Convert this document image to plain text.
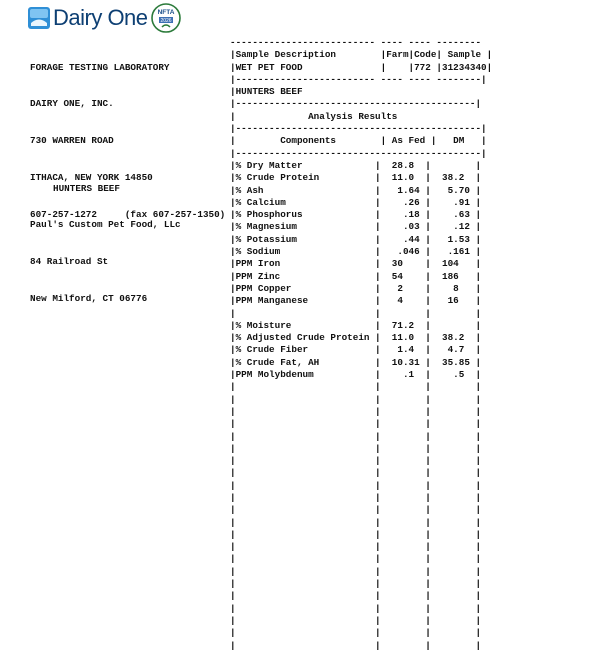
Dairy One NFTA
2026

FORAGE TESTING LABORATORY

DAIRY ONE, INC.

730 WARREN ROAD

ITHACA, NEW YORK 14850

607-257-1272     (fax 607-257-1350)

HUNTERS BEEF

Paul's Custom Pet Food, LLc

84 Railroad St

New Milford, CT 06776

-------------------------- ---- ---- --------
|Sample Description        |Farm|Code| Sample |
|WET PET FOOD              |    |772 |31234340|
|------------------------- ---- ---- --------|
|HUNTERS BEEF
|-------------------------------------------|
|             Analysis Results
|--------------------------------------------|
|        Components        | As Fed |   DM   |
|--------------------------------------------|
|% Dry Matter             |  28.8  |        |
|% Crude Protein          |  11.0  |  38.2  |
|% Ash                    |   1.64 |   5.70 |
|% Calcium                |    .26 |    .91 |
|% Phosphorus             |    .18 |    .63 |
|% Magnesium              |    .03 |    .12 |
|% Potassium              |    .44 |   1.53 |
|% Sodium                 |   .046 |   .161 |
|PPM Iron                 |  30    |  104   |
|PPM Zinc                 |  54    |  186   |
|PPM Copper               |   2    |    8   |
|PPM Manganese            |   4    |   16   |
|                         |        |        |
|% Moisture               |  71.2  |        |
|% Adjusted Crude Protein |  11.0  |  38.2  |
|% Crude Fiber            |   1.4  |   4.7  |
|% Crude Fat, AH          |  10.31 |  35.85 |
|PPM Molybdenum           |    .1  |    .5  |
|                         |        |        |
|                         |        |        |
|                         |        |        |
|                         |        |        |
|                         |        |        |
|                         |        |        |
|                         |        |        |
|                         |        |        |
|                         |        |        |
|                         |        |        |
|                         |        |        |
|                         |        |        |
|                         |        |        |
|                         |        |        |
|                         |        |        |
|                         |        |        |
|                         |        |        |
|                         |        |        |
|                         |        |        |
|                         |        |        |
|                         |        |        |
|                         |        |        |
